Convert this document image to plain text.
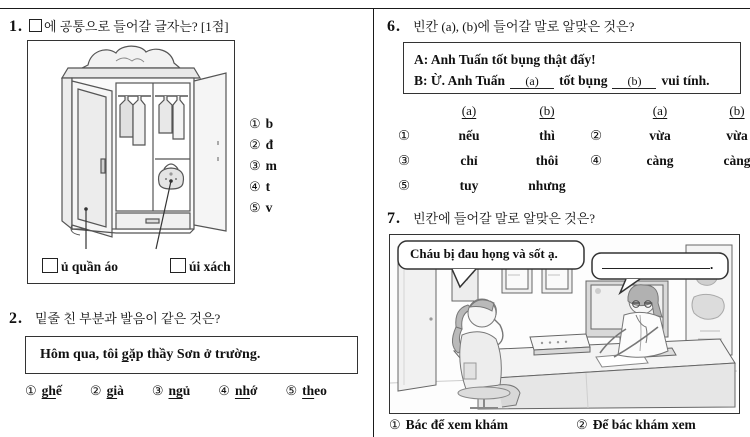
1. 에 공통으로 들어갈 글자는? [1점]
ủ quần áo	úi xách
① b
② đ
③ m
④ t
⑤ v
2. 밑줄 친 부분과 발음이 같은 것은?
Hôm qua, tôi gặp thầy Sơn ở trường.
① ghế ② già ③ ngủ ④ nhớ ⑤ theo
6. 빈칸 (a), (b)에 들어갈 말로 알맞은 것은?
A: Anh Tuấn tốt bụng thật đấy!
B: Ừ. Anh Tuấn (a) tốt bụng (b) vui tính.
(a)	(b)	(a)	(b)
①	nếu	thì	②	vừa	vừa
③	chỉ	thôi ④	càng	càng
⑤	tuy	nhưng
7. 빈칸에 들어갈 말로 알맞은 것은?
Cháu bị đau họng và sốt ạ.
.
① Bác để xem khám	② Để bác khám xem
